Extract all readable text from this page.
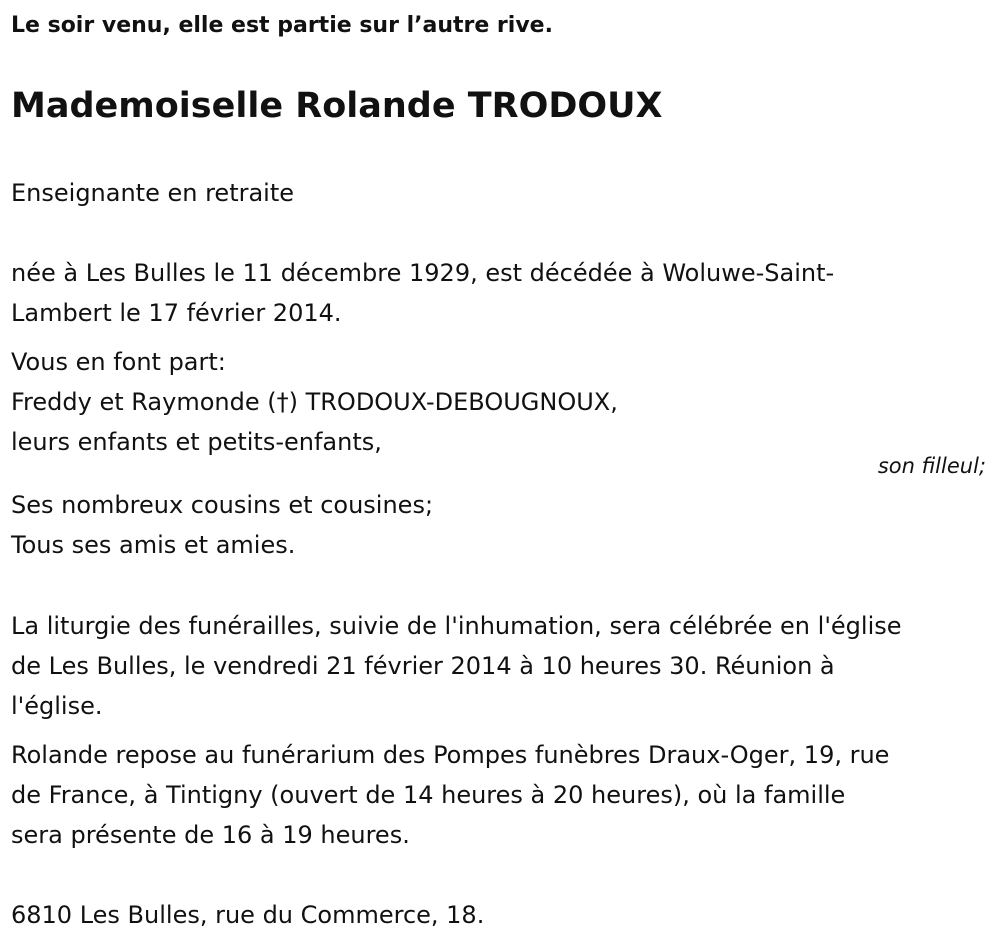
Le soir venu, elle est partie sur l’autre rive.
Mademoiselle Rolande TRODOUX
Enseignante en retraite
née à Les Bulles le 11 décembre 1929, est décédée à Woluwe-Saint-
Lambert le 17 février 2014.
Vous en font part:
Freddy et Raymonde (†) TRODOUX-DEBOUGNOUX,
leurs enfants et petits-enfants,
son filleul;
Ses nombreux cousins et cousines;
Tous ses amis et amies.
La liturgie des funérailles, suivie de l'inhumation, sera célébrée en l'église
de Les Bulles, le vendredi 21 février 2014 à 10 heures 30. Réunion à
l'église.
Rolande repose au funérarium des Pompes funèbres Draux-Oger, 19, rue
de France, à Tintigny (ouvert de 14 heures à 20 heures), où la famille
sera présente de 16 à 19 heures.
6810 Les Bulles, rue du Commerce, 18.
